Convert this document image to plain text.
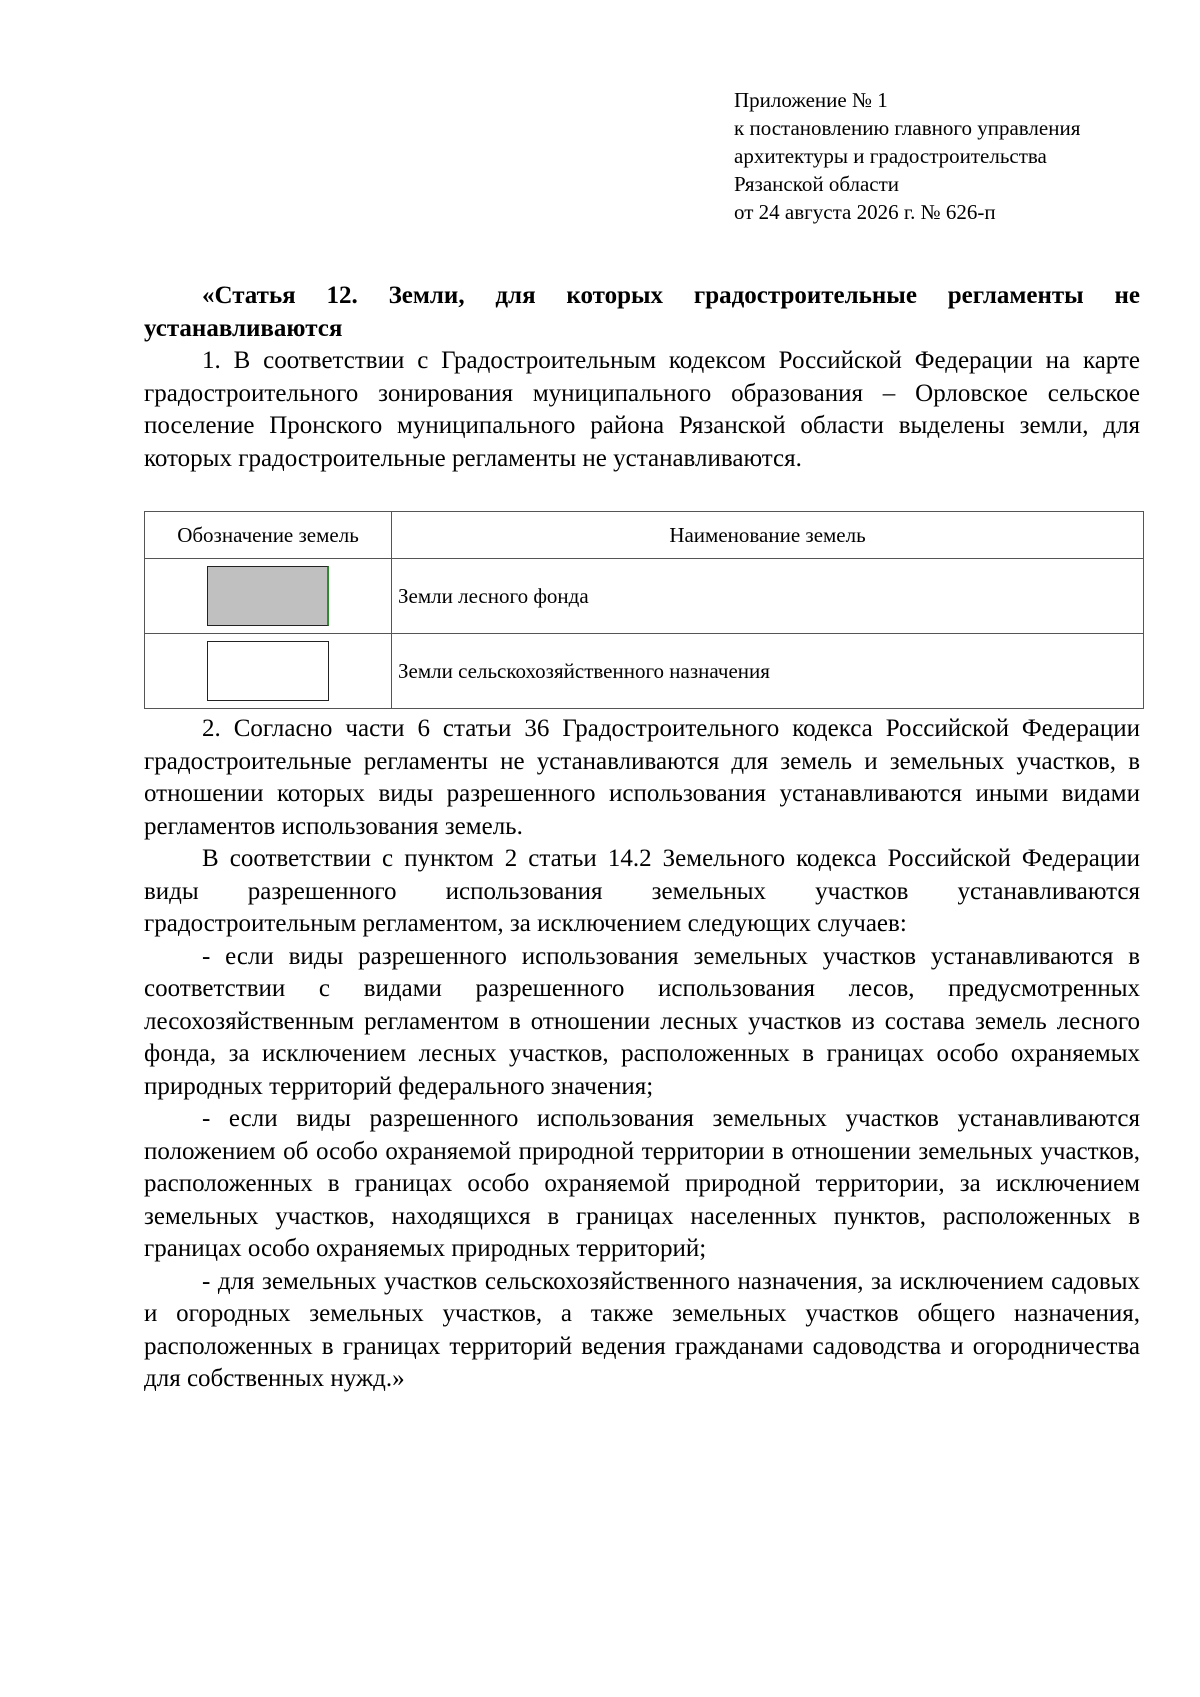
Приложение № 1
к постановлению главного управления
архитектуры и градостроительства
Рязанской области
от 24 августа 2026 г. № 626-п

«Статья 12. Земли, для которых градостроительные регламенты не устанавливаются

1. В соответствии с Градостроительным кодексом Российской Федерации на карте градостроительного зонирования муниципального образования – Орловское сельское поселение Пронского муниципального района Рязанской области выделены земли, для которых градостроительные регламенты не устанавливаются.

Обозначение земель	Наименование земель
	Земли лесного фонда
	Земли сельскохозяйственного назначения

2. Согласно части 6 статьи 36 Градостроительного кодекса Российской Федерации градостроительные регламенты не устанавливаются для земель и земельных участков, в отношении которых виды разрешенного использования устанавливаются иными видами регламентов использования земель.

В соответствии с пунктом 2 статьи 14.2 Земельного кодекса Российской Федерации виды разрешенного использования земельных участков устанавливаются градостроительным регламентом, за исключением следующих случаев:

- если виды разрешенного использования земельных участков устанавливаются в соответствии с видами разрешенного использования лесов, предусмотренных лесохозяйственным регламентом в отношении лесных участков из состава земель лесного фонда, за исключением лесных участков, расположенных в границах особо охраняемых природных территорий федерального значения;

- если виды разрешенного использования земельных участков устанавливаются положением об особо охраняемой природной территории в отношении земельных участков, расположенных в границах особо охраняемой природной территории, за исключением земельных участков, находящихся в границах населенных пунктов, расположенных в границах особо охраняемых природных территорий;

- для земельных участков сельскохозяйственного назначения, за исключением садовых и огородных земельных участков, а также земельных участков общего назначения, расположенных в границах территорий ведения гражданами садоводства и огородничества для собственных нужд.»
